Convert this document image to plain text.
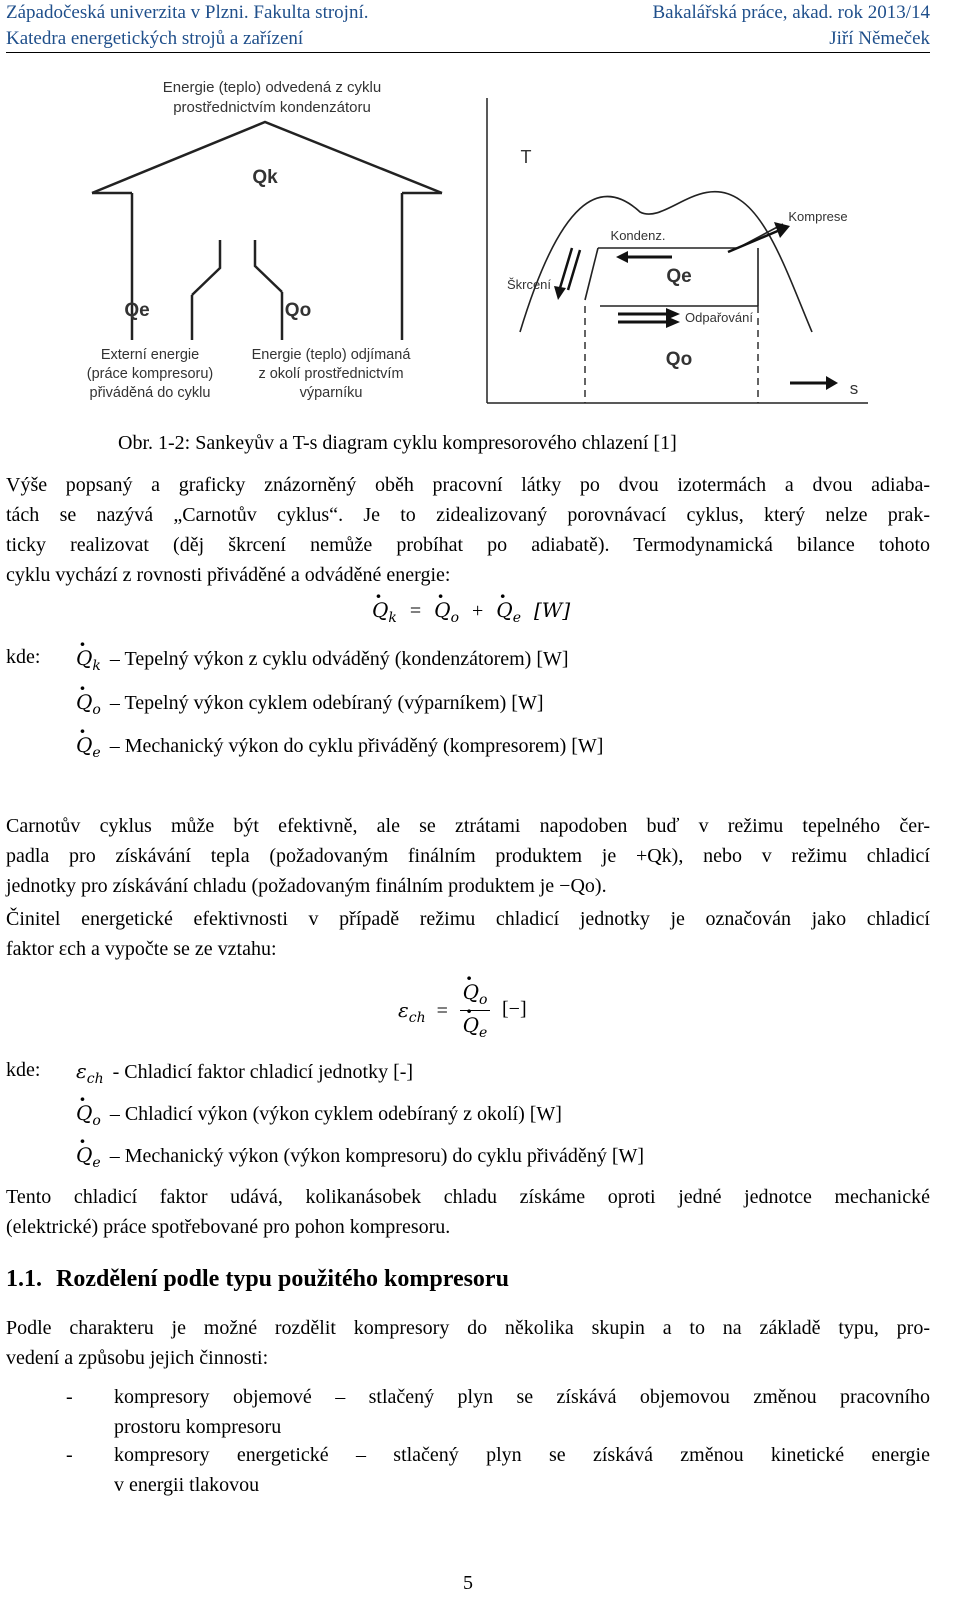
Západočeská univerzita v Plzni. Fakulta strojní.	Bakalářská práce, akad. rok 2013/14
Katedra energetických strojů a zařízení	Jiří Němeček
Energie (teplo) odvedená z cyklu
prostřednictvím kondenzátoru
Qk
Qe	Qo
Externí energie
(práce kompresoru)
přiváděná do cyklu
Energie (teplo) odjímaná
z okolí prostřednictvím
výparníku
T
s
Komprese
Kondenz.
Škrcení	Qe
Odpařování
Qo
Obr. 1-2: Sankeyův a T-s diagram cyklu kompresorového chlazení [1]
Výše popsaný a graficky znázorněný oběh pracovní látky po dvou izotermách a dvou adiaba-
tách se nazývá „Carnotův cyklus“. Je to zidealizovaný porovnávací cyklus, který nelze prak-
ticky realizovat (děj škrcení nemůže probíhat po adiabatě). Termodynamická bilance tohoto
cyklu vychází z rovnosti přiváděné a odváděné energie:
· $Q_k$ = · $Q_o$ + · $Q_e$ [W]
kde: · $Q_k$ – Tepelný výkon z cyklu odváděný (kondenzátorem) [W]
· $Q_o$ – Tepelný výkon cyklem odebíraný (výparníkem) [W]
· $Q_e$ – Mechanický výkon do cyklu přiváděný (kompresorem) [W]
Carnotův cyklus může být efektivně, ale se ztrátami napodoben buď v režimu tepelného čer-
padla pro získávání tepla (požadovaným finálním produktem je +Qk), nebo v režimu chladicí
jednotky pro získávání chladu (požadovaným finálním produktem je −Qo).
Činitel energetické efektivnosti v případě režimu chladicí jednotky je označován jako chladicí
faktor εch a vypočte se ze vztahu:
$\varepsilon_{ch}$ =
· $Q_o$
· $Q_e$
[−]
kde: $\varepsilon_{ch}$ - Chladicí faktor chladicí jednotky [-]
· $Q_o$ – Chladicí výkon (výkon cyklem odebíraný z okolí) [W]
· $Q_e$ – Mechanický výkon (výkon kompresoru) do cyklu přiváděný [W]
Tento chladicí faktor udává, kolikanásobek chladu získáme oproti jedné jednotce mechanické
(elektrické) práce spotřebované pro pohon kompresoru.
1.1. Rozdělení podle typu použitého kompresoru
Podle charakteru je možné rozdělit kompresory do několika skupin a to na základě typu, pro-
vedení a způsobu jejich činnosti:
- kompresory objemové – stlačený plyn se získává objemovou změnou pracovního
prostoru kompresoru
- kompresory energetické – stlačený plyn se získává změnou kinetické energie
v energii tlakovou
5
